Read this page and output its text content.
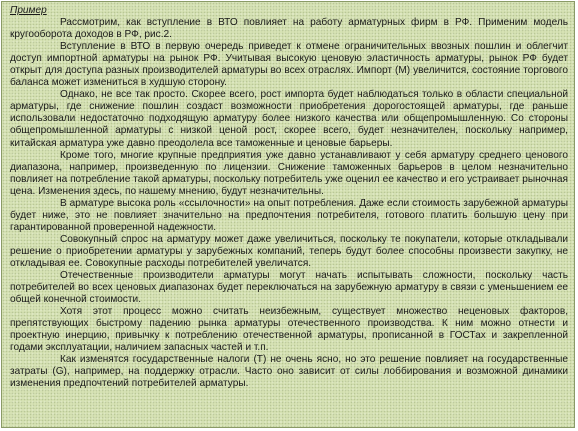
Пример

Рассмотрим, как вступление в ВТО повлияет на работу арматурных фирм в РФ. Применим модель кругооборота доходов в РФ, рис.2.

Вступление в ВТО в первую очередь приведет к отмене ограничительных ввозных пошлин и облегчит доступ импортной арматуры на рынок РФ. Учитывая высокую ценовую эластичность арматуры, рынок РФ будет открыт для доступа разных производителей арматуры во всех отраслях. Импорт (М) увеличится, состояние торгового баланса может измениться в худшую сторону.

Однако, не все так просто. Скорее всего, рост импорта будет наблюдаться только в области специальной арматуры, где снижение пошлин создаст возможности приобретения дорогостоящей арматуры, где раньше использовали недостаточно подходящую арматуру более низкого качества или общепромышленную. Со стороны общепромышленной арматуры с низкой ценой рост, скорее всего, будет незначителен, поскольку например, китайская арматура уже давно преодолела все таможенные и ценовые барьеры.

Кроме того, многие крупные предприятия уже давно устанавливают у себя арматуру среднего ценового диапазона, например, произведенную по лицензии. Снижение таможенных барьеров в целом незначительно повлияет на потребление такой арматуры, поскольку потребитель уже оценил ее качество и его устраивает рыночная цена. Изменения здесь, по нашему мнению, будут незначительны.

В арматуре высока роль «ссылочности» на опыт потребления. Даже если стоимость зарубежной арматуры будет ниже, это не повлияет значительно на предпочтения потребителя, готового платить большую цену при гарантированной проверенной надежности.

Совокупный спрос на арматуру может даже увеличиться, поскольку те покупатели, которые откладывали решение о приобретении арматуры у зарубежных компаний, теперь будут более способны произвести закупку, не откладывая ее. Совокупные расходы потребителей увеличатся.

Отечественные производители арматуры могут начать испытывать сложности, поскольку часть потребителей во всех ценовых диапазонах будет переключаться на зарубежную арматуру в связи с уменьшением ее общей конечной стоимости.

Хотя этот процесс можно считать неизбежным, существует множество неценовых факторов, препятствующих быстрому падению рынка арматуры отечественного производства. К ним можно отнести и проектную инерцию, привычку к потреблению отечественной арматуры, прописанной в ГОСТах и закрепленной годами эксплуатации, наличием запасных частей и т.п.

Как изменятся государственные налоги (Т) не очень ясно, но это решение повлияет на государственные затраты (G), например, на поддержку отрасли. Часто оно зависит от силы лоббирования и возможной динамики изменения предпочтений потребителей арматуры.
